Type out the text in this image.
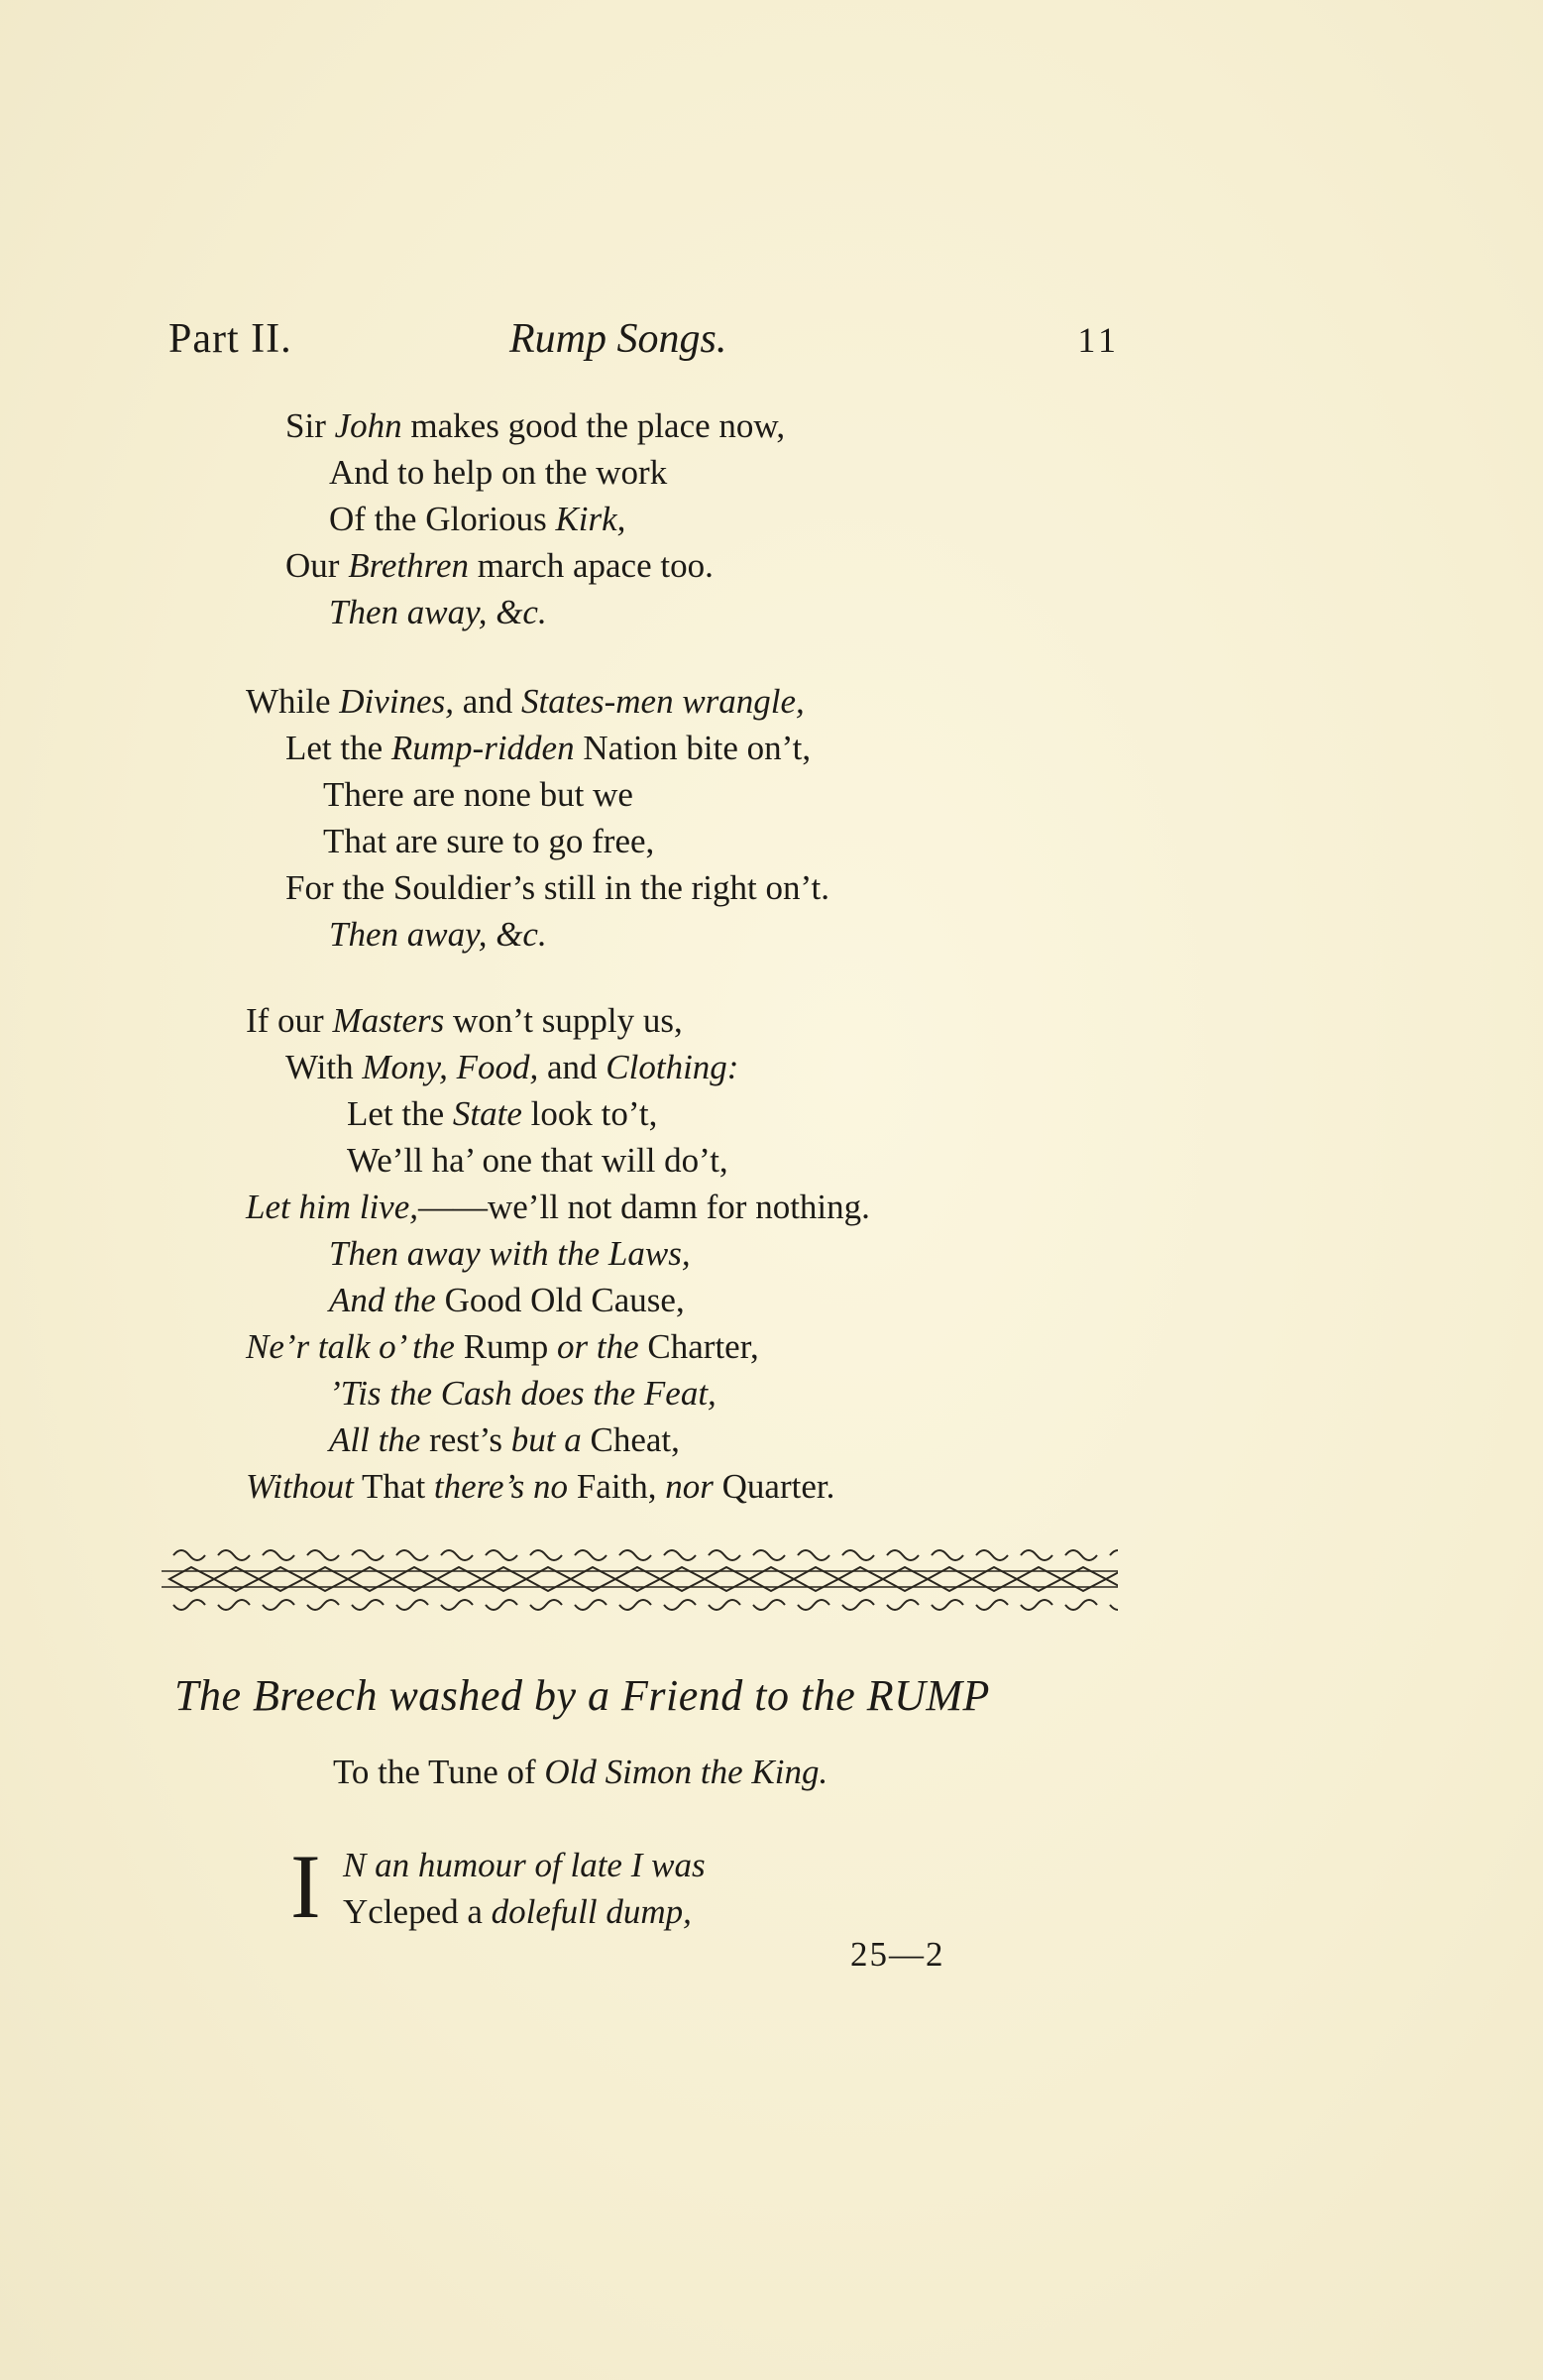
Part II.	Rump Songs.	11
Sir John makes good the place now,
And to help on the work
Of the Glorious Kirk,
Our Brethren march apace too.
Then away, &c.
While Divines, and States-men wrangle,
Let the Rump-ridden Nation bite on’t,
There are none but we
That are sure to go free,
For the Souldier’s still in the right on’t.
Then away, &c.
If our Masters won’t supply us,
With Mony, Food, and Clothing:
Let the State look to’t,
We’ll ha’ one that will do’t,
Let him live,——we’ll not damn for nothing.
Then away with the Laws,
And the Good Old Cause,
Ne’r talk o’ the Rump or the Charter,
’Tis the Cash does the Feat,
All the rest’s but a Cheat,
Without That there’s no Faith, nor Quarter.
The Breech washed by a Friend to the RUMP
To the Tune of Old Simon the King.
I N an humour of late I was
Ycleped a dolefull dump,
25—2
